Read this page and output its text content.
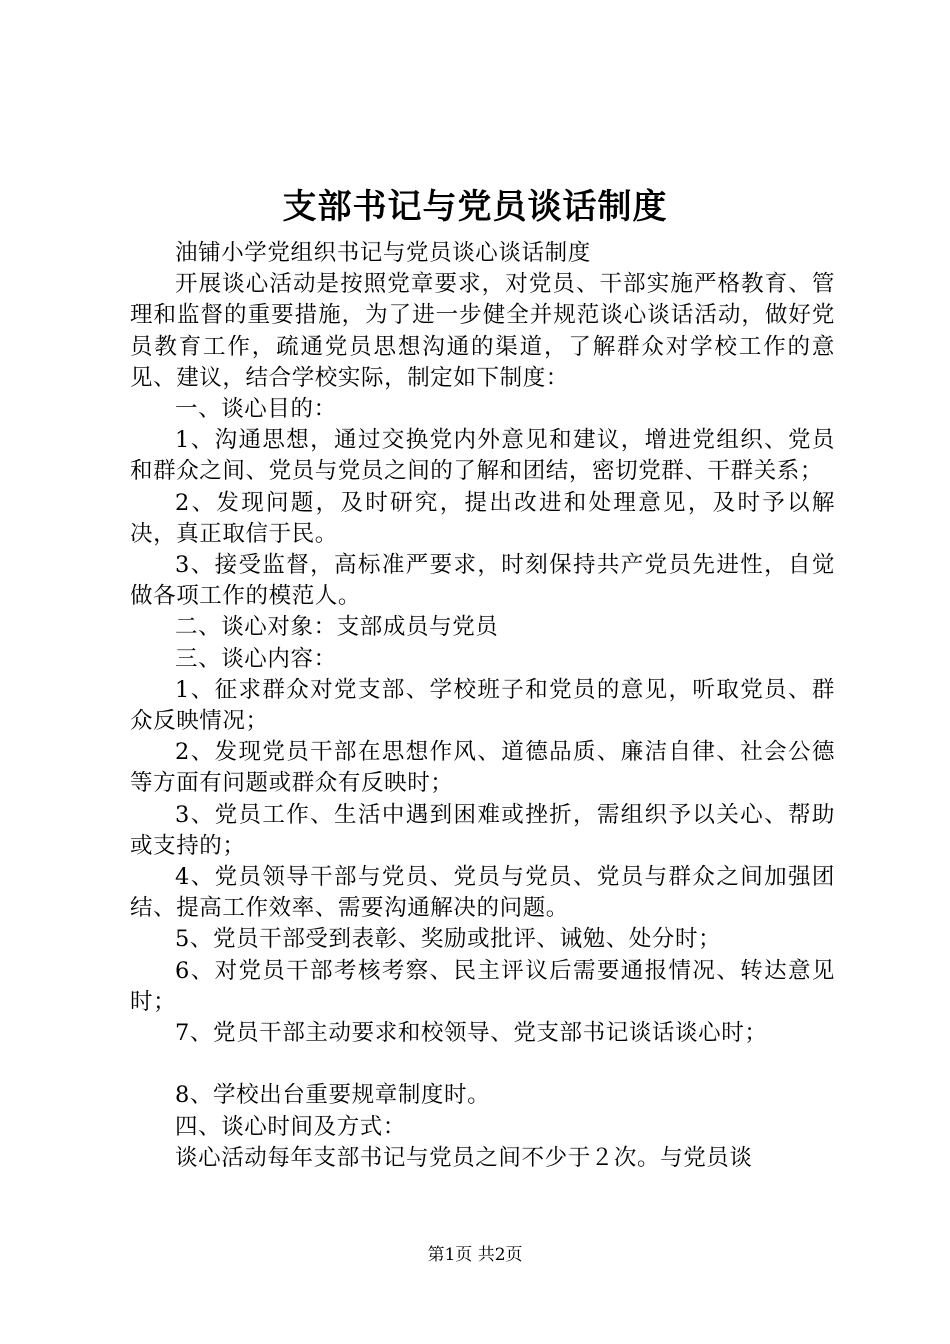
支部书记与党员谈话制度

油铺小学党组织书记与党员谈心谈话制度

开展谈心活动是按照党章要求，对党员、干部实施严格教育、管理和监督的重要措施，为了进一步健全并规范谈心谈话活动，做好党员教育工作，疏通党员思想沟通的渠道，了解群众对学校工作的意见、建议，结合学校实际，制定如下制度：

一、谈心目的：

1、沟通思想，通过交换党内外意见和建议，增进党组织、党员和群众之间、党员与党员之间的了解和团结，密切党群、干群关系；

2、发现问题，及时研究，提出改进和处理意见，及时予以解决，真正取信于民。

3、接受监督，高标准严要求，时刻保持共产党员先进性，自觉做各项工作的模范人。

二、谈心对象：支部成员与党员

三、谈心内容：

1、征求群众对党支部、学校班子和党员的意见，听取党员、群众反映情况；

2、发现党员干部在思想作风、道德品质、廉洁自律、社会公德等方面有问题或群众有反映时；

3、党员工作、生活中遇到困难或挫折，需组织予以关心、帮助或支持的；

4、党员领导干部与党员、党员与党员、党员与群众之间加强团结、提高工作效率、需要沟通解决的问题。

5、党员干部受到表彰、奖励或批评、诫勉、处分时；

6、对党员干部考核考察、民主评议后需要通报情况、转达意见时；

7、党员干部主动要求和校领导、党支部书记谈话谈心时；

8、学校出台重要规章制度时。

四、谈心时间及方式：

谈心活动每年支部书记与党员之间不少于２次。与党员谈

第1页 共2页
